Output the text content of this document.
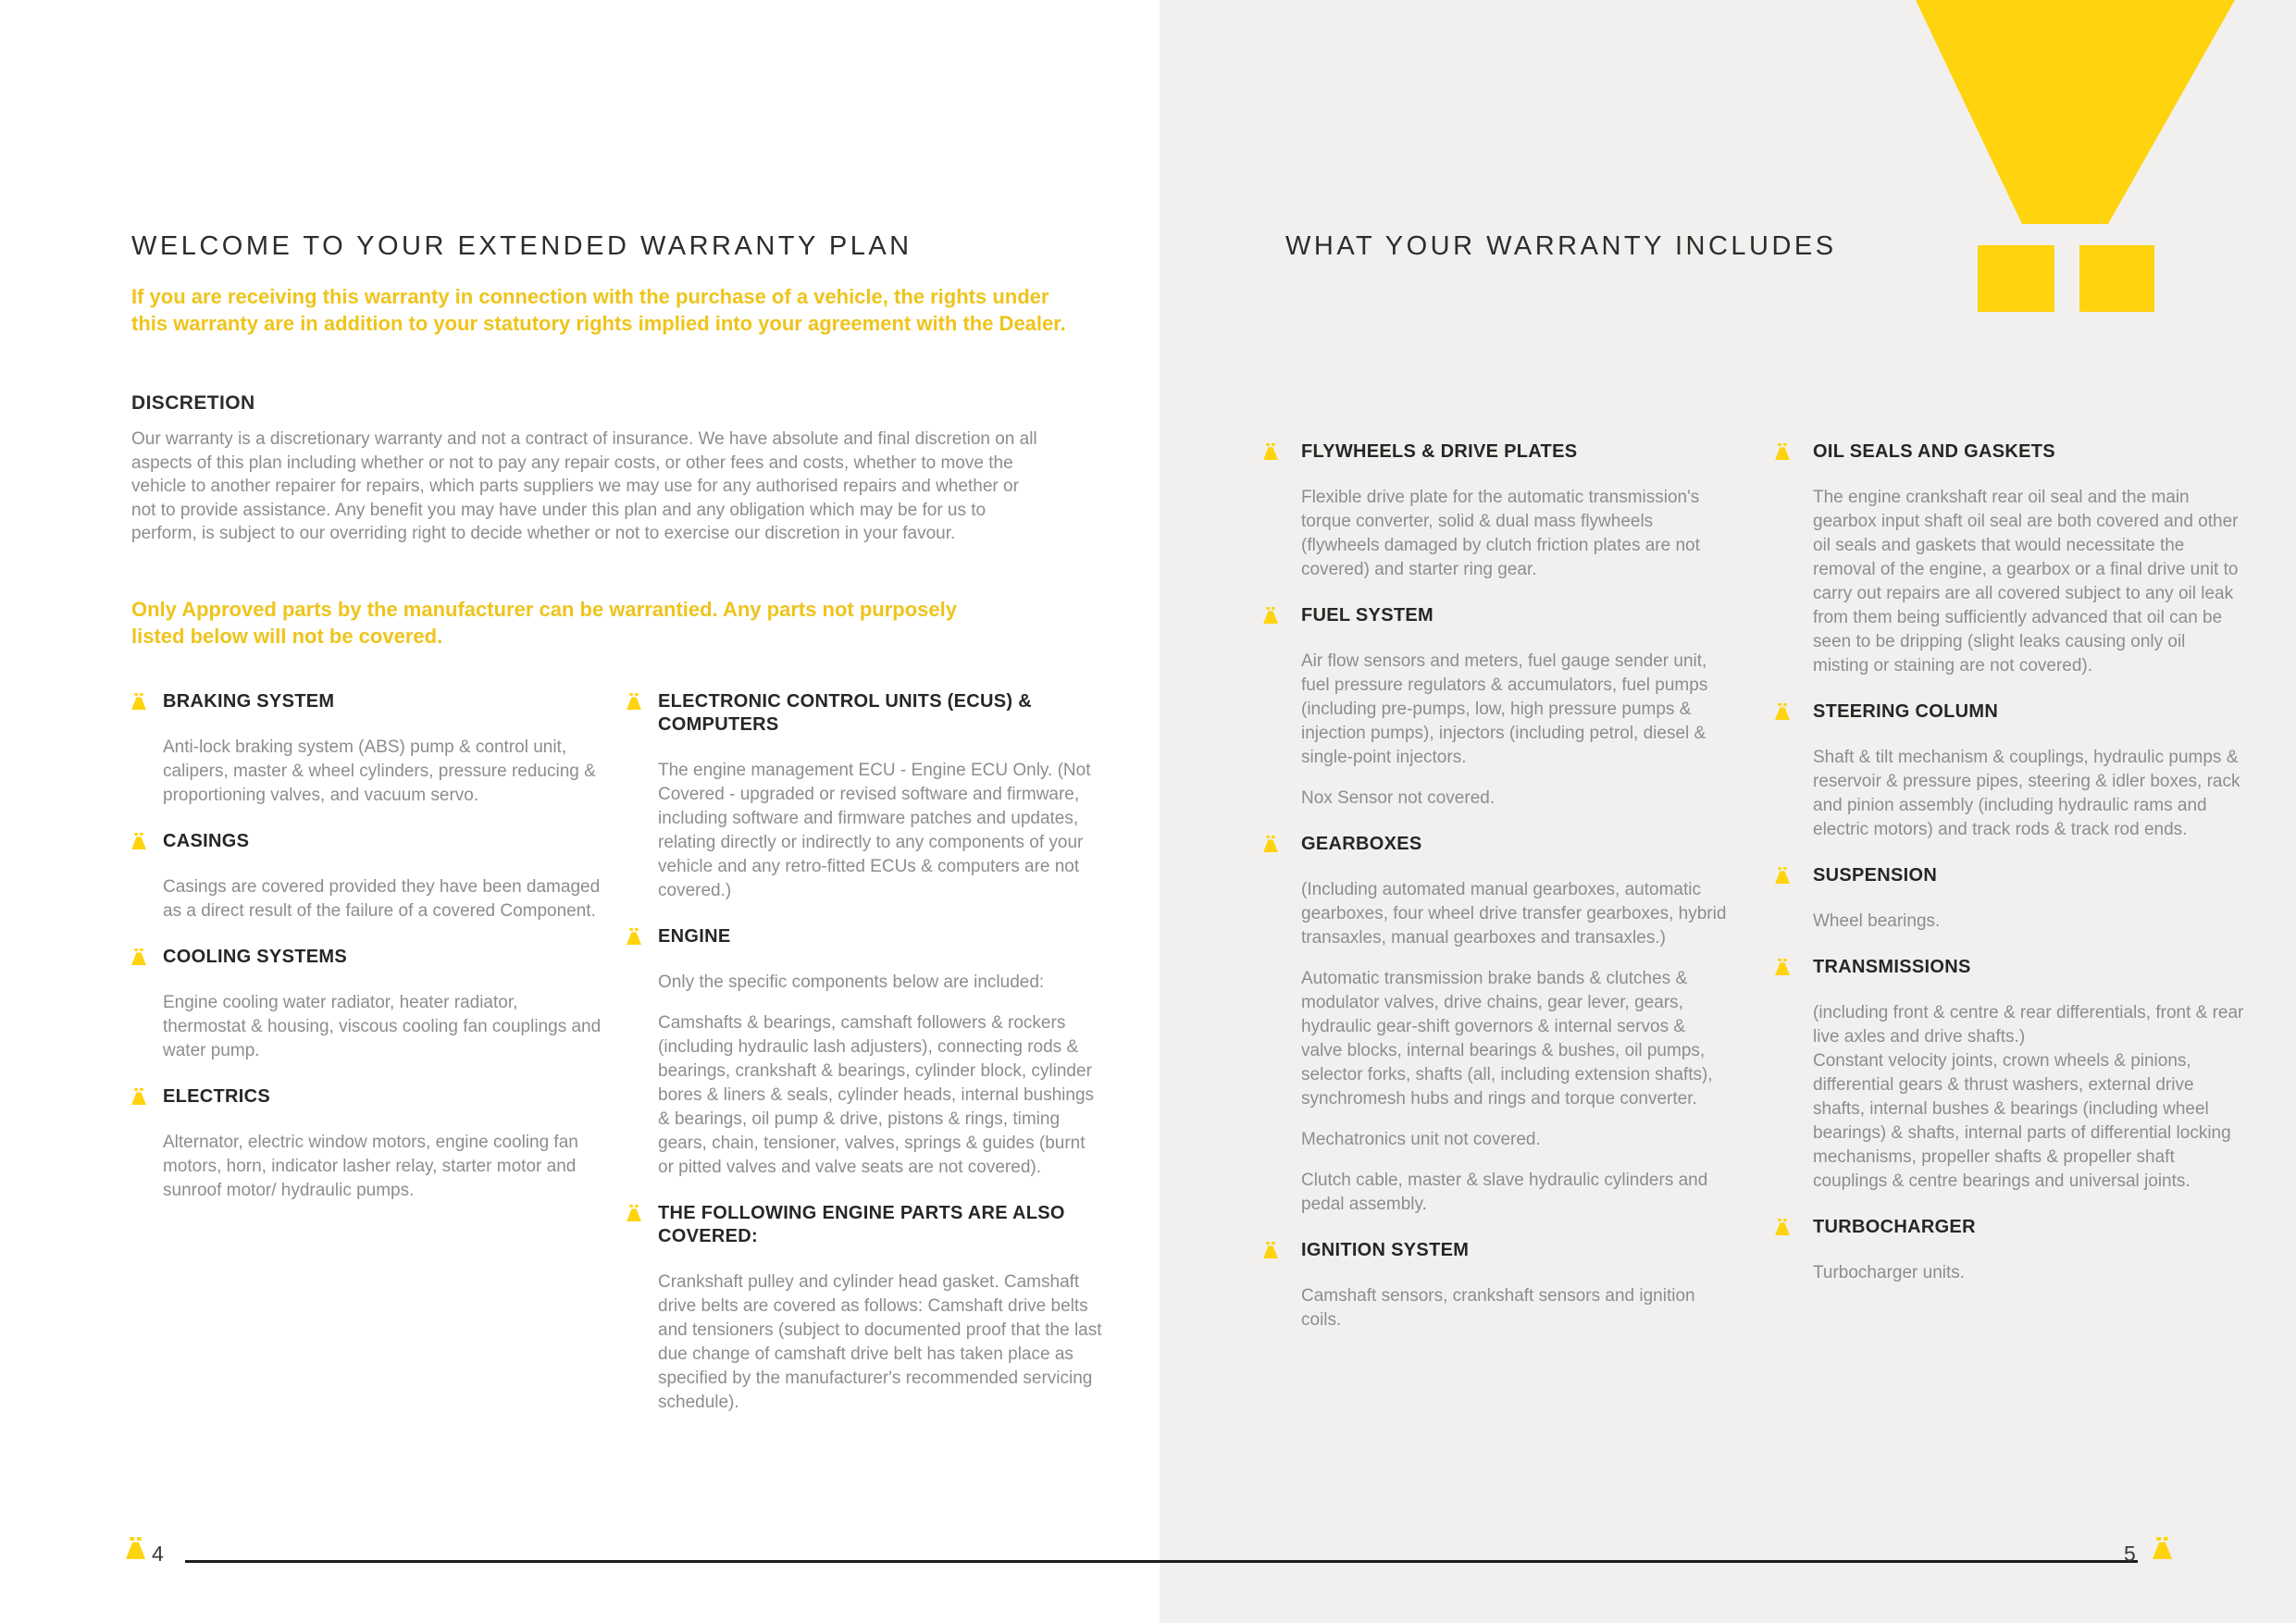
WELCOME TO YOUR EXTENDED WARRANTY PLAN

If you are receiving this warranty in connection with the purchase of a vehicle, the rights under this warranty are in addition to your statutory rights implied into your agreement with the Dealer.

DISCRETION

Our warranty is a discretionary warranty and not a contract of insurance. We have absolute and final discretion on all aspects of this plan including whether or not to pay any repair costs, or other fees and costs, whether to move the vehicle to another repairer for repairs, which parts suppliers we may use for any authorised repairs and whether or not to provide assistance. Any benefit you may have under this plan and any obligation which may be for us to perform, is subject to our overriding right to decide whether or not to exercise our discretion in your favour.

Only Approved parts by the manufacturer can be warrantied. Any parts not purposely listed below will not be covered.

BRAKING SYSTEM

Anti-lock braking system (ABS) pump & control unit, calipers, master & wheel cylinders, pressure reducing & proportioning valves, and vacuum servo.

CASINGS

Casings are covered provided they have been damaged as a direct result of the failure of a covered Component.

COOLING SYSTEMS

Engine cooling water radiator, heater radiator, thermostat & housing, viscous cooling fan couplings and water pump.

ELECTRICS

Alternator, electric window motors, engine cooling fan motors, horn, indicator lasher relay, starter motor and sunroof motor/ hydraulic pumps.

ELECTRONIC CONTROL UNITS (ECUS) & COMPUTERS

The engine management ECU - Engine ECU Only. (Not Covered - upgraded or revised software and firmware, including software and firmware patches and updates, relating directly or indirectly to any components of your vehicle and any retro-fitted ECUs & computers are not covered.)

ENGINE

Only the specific components below are included:

Camshafts & bearings, camshaft followers & rockers (including hydraulic lash adjusters), connecting rods & bearings, crankshaft & bearings, cylinder block, cylinder bores & liners & seals, cylinder heads, internal bushings & bearings, oil pump & drive, pistons & rings, timing gears, chain, tensioner, valves, springs & guides (burnt or pitted valves and valve seats are not covered).

THE FOLLOWING ENGINE PARTS ARE ALSO COVERED:

Crankshaft pulley and cylinder head gasket. Camshaft drive belts are covered as follows: Camshaft drive belts and tensioners (subject to documented proof that the last due change of camshaft drive belt has taken place as specified by the manufacturer's recommended servicing schedule).

WHAT YOUR WARRANTY INCLUDES
FLYWHEELS & DRIVE PLATES

Flexible drive plate for the automatic transmission's torque converter, solid & dual mass flywheels (flywheels damaged by clutch friction plates are not covered) and starter ring gear.

FUEL SYSTEM

Air flow sensors and meters, fuel gauge sender unit, fuel pressure regulators & accumulators, fuel pumps (including pre-pumps, low, high pressure pumps & injection pumps), injectors (including petrol, diesel & single-point injectors.

Nox Sensor not covered.

GEARBOXES

(Including automated manual gearboxes, automatic gearboxes, four wheel drive transfer gearboxes, hybrid transaxles, manual gearboxes and transaxles.)

Automatic transmission brake bands & clutches & modulator valves, drive chains, gear lever, gears, hydraulic gear-shift governors & internal servos & valve blocks, internal bearings & bushes, oil pumps, selector forks, shafts (all, including extension shafts), synchromesh hubs and rings and torque converter.

Mechatronics unit not covered.

Clutch cable, master & slave hydraulic cylinders and pedal assembly.

IGNITION SYSTEM

Camshaft sensors, crankshaft sensors and ignition coils.

OIL SEALS AND GASKETS

The engine crankshaft rear oil seal and the main gearbox input shaft oil seal are both covered and other oil seals and gaskets that would necessitate the removal of the engine, a gearbox or a final drive unit to carry out repairs are all covered subject to any oil leak from them being sufficiently advanced that oil can be seen to be dripping (slight leaks causing only oil misting or staining are not covered).

STEERING COLUMN

Shaft & tilt mechanism & couplings, hydraulic pumps & reservoir & pressure pipes, steering & idler boxes, rack and pinion assembly (including hydraulic rams and electric motors) and track rods & track rod ends.

SUSPENSION

Wheel bearings.

TRANSMISSIONS

(including front & centre & rear differentials, front & rear live axles and drive shafts.)

Constant velocity joints, crown wheels & pinions, differential gears & thrust washers, external drive shafts, internal bushes & bearings (including wheel bearings) & shafts, internal parts of differential locking mechanisms, propeller shafts & propeller shaft couplings & centre bearings and universal joints.

TURBOCHARGER

Turbocharger units.

4	5
